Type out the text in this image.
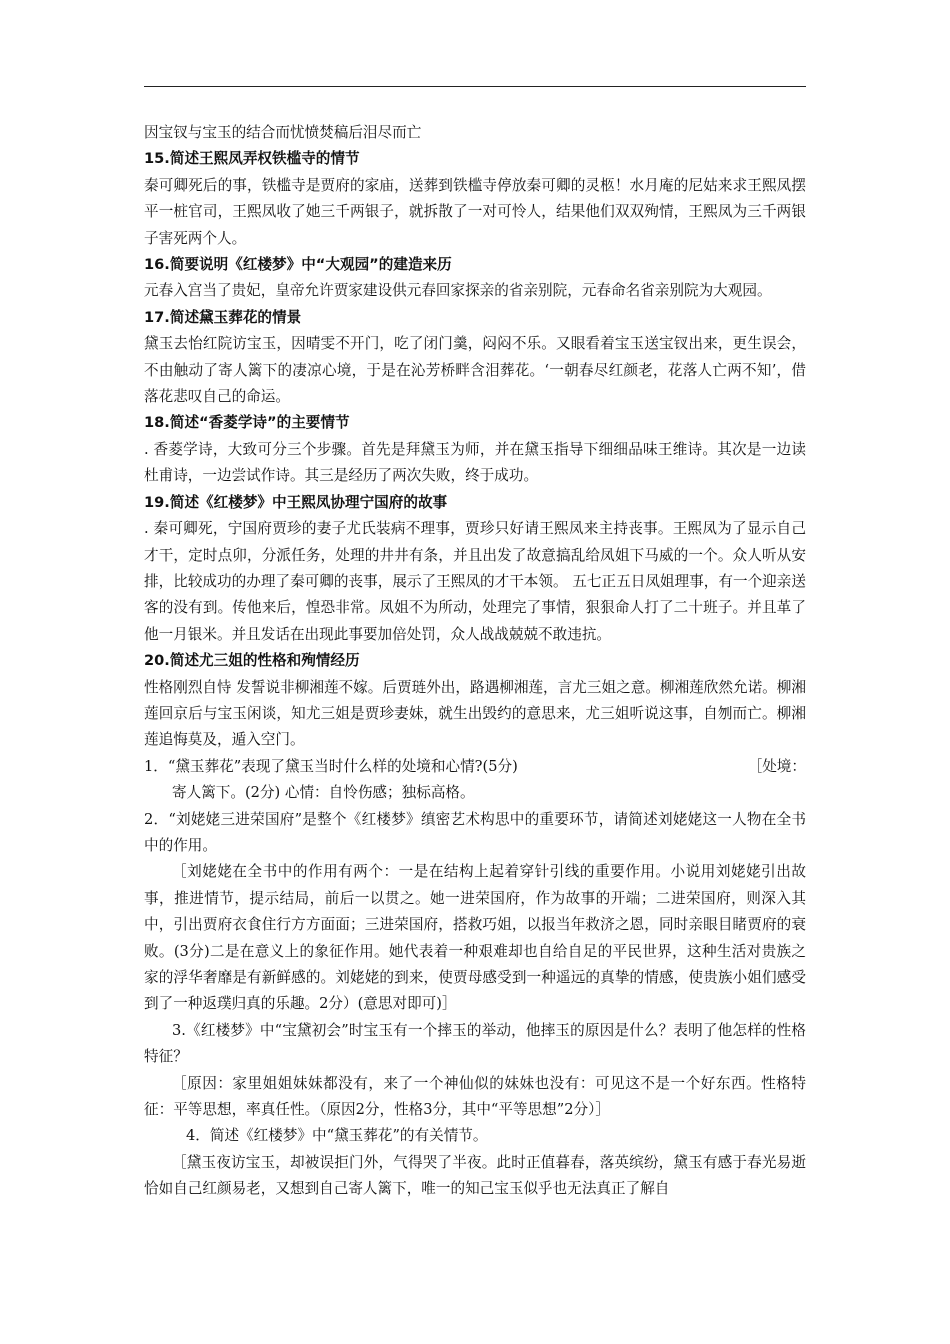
因宝钗与宝玉的结合而忧愤焚稿后泪尽而亡

15.简述王熙凤弄权铁槛寺的情节

秦可卿死后的事，铁槛寺是贾府的家庙，送葬到铁槛寺停放秦可卿的灵柩！水月庵的尼姑来求王熙凤摆平一桩官司，王熙凤收了她三千两银子，就拆散了一对可怜人，结果他们双双殉情，王熙凤为三千两银子害死两个人。

16.简要说明《红楼梦》中“大观园”的建造来历

元春入宫当了贵妃，皇帝允许贾家建设供元春回家探亲的省亲别院，元春命名省亲别院为大观园。

17.简述黛玉葬花的情景

黛玉去怡红院访宝玉，因晴雯不开门，吃了闭门羹，闷闷不乐。又眼看着宝玉送宝钗出来，更生误会，不由触动了寄人篱下的凄凉心境，于是在沁芳桥畔含泪葬花。‘一朝春尽红颜老，花落人亡两不知’，借落花悲叹自己的命运。

18.简述“香菱学诗”的主要情节

. 香菱学诗，大致可分三个步骤。首先是拜黛玉为师，并在黛玉指导下细细品味王维诗。其次是一边读杜甫诗，一边尝试作诗。其三是经历了两次失败，终于成功。

19.简述《红楼梦》中王熙凤协理宁国府的故事

. 秦可卿死，宁国府贾珍的妻子尤氏装病不理事，贾珍只好请王熙凤来主持丧事。王熙凤为了显示自己才干，定时点卯，分派任务，处理的井井有条，并且出发了故意搞乱给凤姐下马威的一个。众人听从安排，比较成功的办理了秦可卿的丧事，展示了王熙凤的才干本领。 五七正五日凤姐理事，有一个迎亲送客的没有到。传他来后，惶恐非常。凤姐不为所动，处理完了事情，狠狠命人打了二十班子。并且革了他一月银米。并且发话在出现此事要加倍处罚，众人战战兢兢不敢违抗。

20.简述尤三姐的性格和殉情经历

性格刚烈自恃 发誓说非柳湘莲不嫁。后贾琏外出，路遇柳湘莲，言尤三姐之意。柳湘莲欣然允诺。柳湘莲回京后与宝玉闲谈，知尤三姐是贾珍妻妹，就生出毁约的意思来，尤三姐听说这事，自刎而亡。柳湘莲追悔莫及，遁入空门。

1．“黛玉葬花”表现了黛玉当时什么样的处境和心情?(5分)	［处境：

寄人篱下。(2分) 心情：自怜伤感；独标高格。

2．“刘姥姥三进荣国府”是整个《红楼梦》缜密艺术构思中的重要环节，请简述刘姥姥这一人物在全书中的作用。

［刘姥姥在全书中的作用有两个：一是在结构上起着穿针引线的重要作用。小说用刘姥姥引出故事，推进情节，提示结局，前后一以贯之。她一进荣国府，作为故事的开端；二进荣国府，则深入其中，引出贾府衣食住行方方面面；三进荣国府，搭救巧姐，以报当年救济之恩，同时亲眼目睹贾府的衰败。(3分)二是在意义上的象征作用。她代表着一种艰难却也自给自足的平民世界，这种生活对贵族之家的浮华奢靡是有新鲜感的。刘姥姥的到来，使贾母感受到一种遥远的真挚的情感，使贵族小姐们感受到了一种返璞归真的乐趣。2分）(意思对即可)］

3.《红楼梦》中“宝黛初会”时宝玉有一个摔玉的举动，他摔玉的原因是什么？表明了他怎样的性格特征？

［原因：家里姐姐妹妹都没有，来了一个神仙似的妹妹也没有：可见这不是一个好东西。性格特征：平等思想，率真任性。（原因2分，性格3分，其中“平等思想”2分）］

4．简述《红楼梦》中“黛玉葬花”的有关情节。

［黛玉夜访宝玉，却被误拒门外，气得哭了半夜。此时正值暮春，落英缤纷，黛玉有感于春光易逝恰如自己红颜易老，又想到自己寄人篱下，唯一的知己宝玉似乎也无法真正了解自
